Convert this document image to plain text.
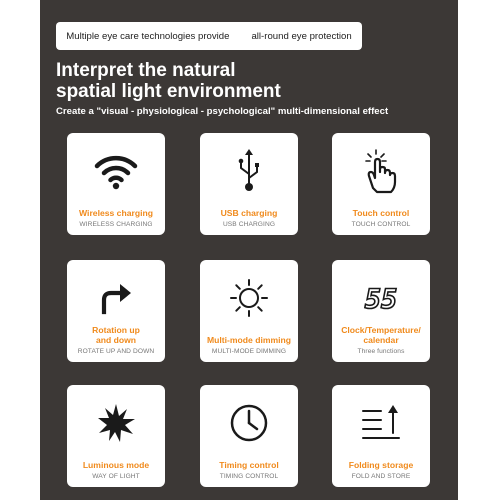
Multiple eye care technologies provide all-round eye protection
Interpret the natural
spatial light environment
Create a "visual - physiological - psychological" multi-dimensional effect
Wireless charging
WIRELESS CHARGING
USB charging
USB CHARGING
Touch control
TOUCH CONTROL
Rotation up
and down
ROTATE UP AND DOWN
Multi-mode dimming
MULTI-MODE DIMMING
55
Clock/Temperature/
calendar
Three functions
Luminous mode
WAY OF LIGHT
Timing control
TIMING CONTROL
Folding storage
FOLD AND STORE
